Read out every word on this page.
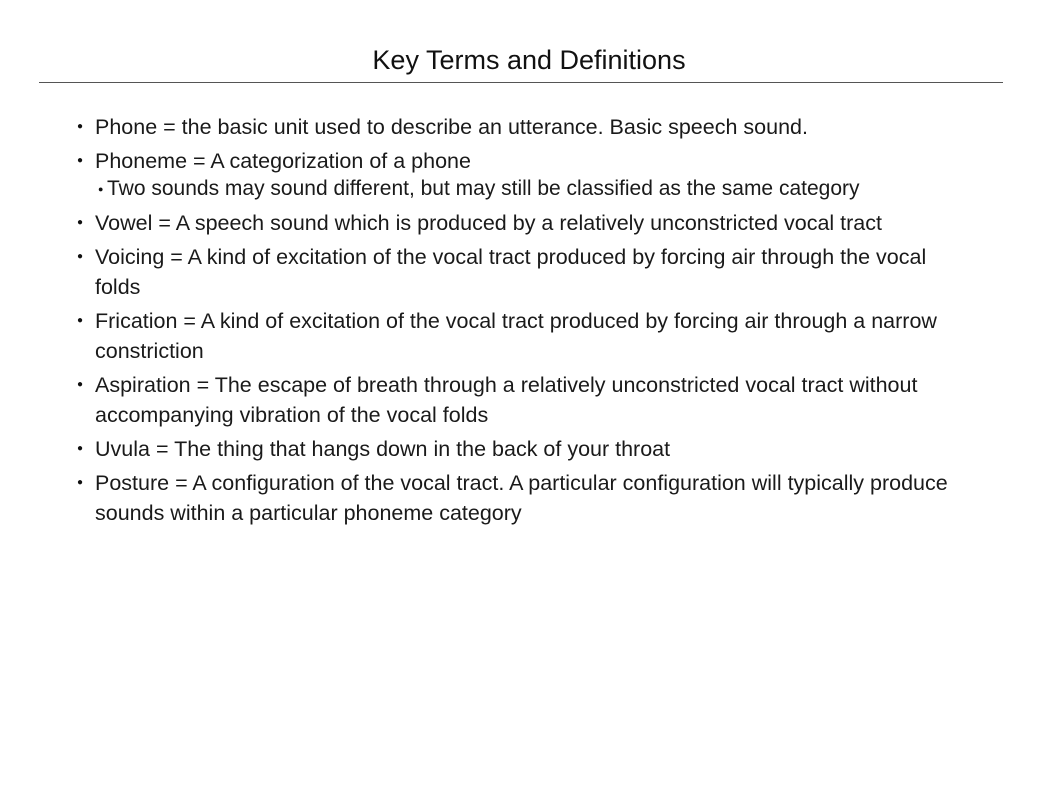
Key Terms and Definitions
● Phone = the basic unit used to describe an utterance. Basic speech sound.
● Phoneme = A categorization of a phone
● Two sounds may sound different, but may still be classified as the same category
● Vowel = A speech sound which is produced by a relatively unconstricted vocal tract
● Voicing = A kind of excitation of the vocal tract produced by forcing air through the vocal folds
● Frication = A kind of excitation of the vocal tract produced by forcing air through a narrow constriction
● Aspiration = The escape of breath through a relatively unconstricted vocal tract without accompanying vibration of the vocal folds
● Uvula = The thing that hangs down in the back of your throat
● Posture = A configuration of the vocal tract. A particular configuration will typically produce sounds within a particular phoneme category
